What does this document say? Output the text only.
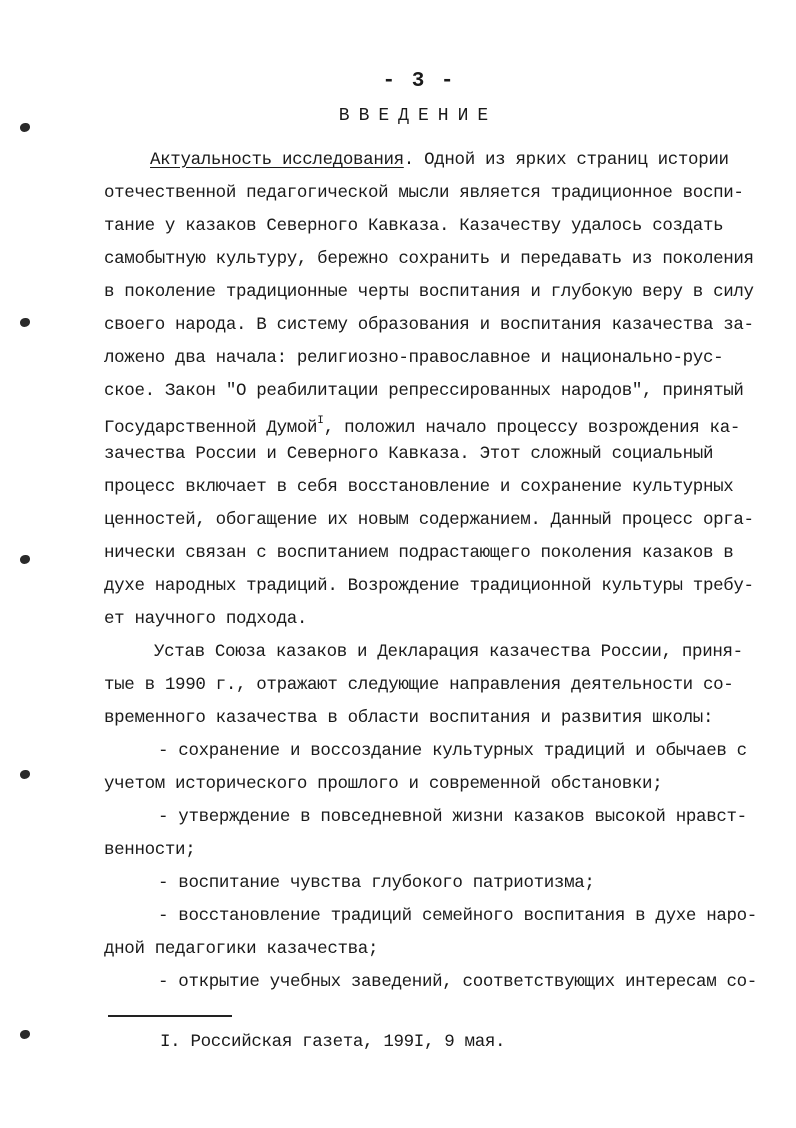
- 3 -
ВВЕДЕНИЕ
Актуальность исследования. Одной из ярких страниц истории
отечественной педагогической мысли является традиционное воспи-
тание у казаков Северного Кавказа. Казачеству удалось создать
самобытную культуру, бережно сохранить и передавать из поколения
в поколение традиционные черты воспитания и глубокую веру в силу
своего народа. В систему образования и воспитания казачества за-
ложено два начала: религиозно-православное и национально-рус-
ское. Закон "О реабилитации репрессированных народов", принятый
Государственной Думой$^I$, положил начало процессу возрождения ка-
зачества России и Северного Кавказа. Этот сложный социальный
процесс включает в себя восстановление и сохранение культурных
ценностей, обогащение их новым содержанием. Данный процесс орга-
нически связан с воспитанием подрастающего поколения казаков в
духе народных традиций. Возрождение традиционной культуры требу-
ет научного подхода.
Устав Союза казаков и Декларация казачества России, приня-
тые в 1990 г., отражают следующие направления деятельности со-
временного казачества в области воспитания и развития школы:
- сохранение и воссоздание культурных традиций и обычаев с
учетом исторического прошлого и современной обстановки;
- утверждение в повседневной жизни казаков высокой нравст-
венности;
- воспитание чувства глубокого патриотизма;
- восстановление традиций семейного воспитания в духе наро-
дной педагогики казачества;
- открытие учебных заведений, соответствующих интересам со-
I. Российская газета, 199I, 9 мая.
